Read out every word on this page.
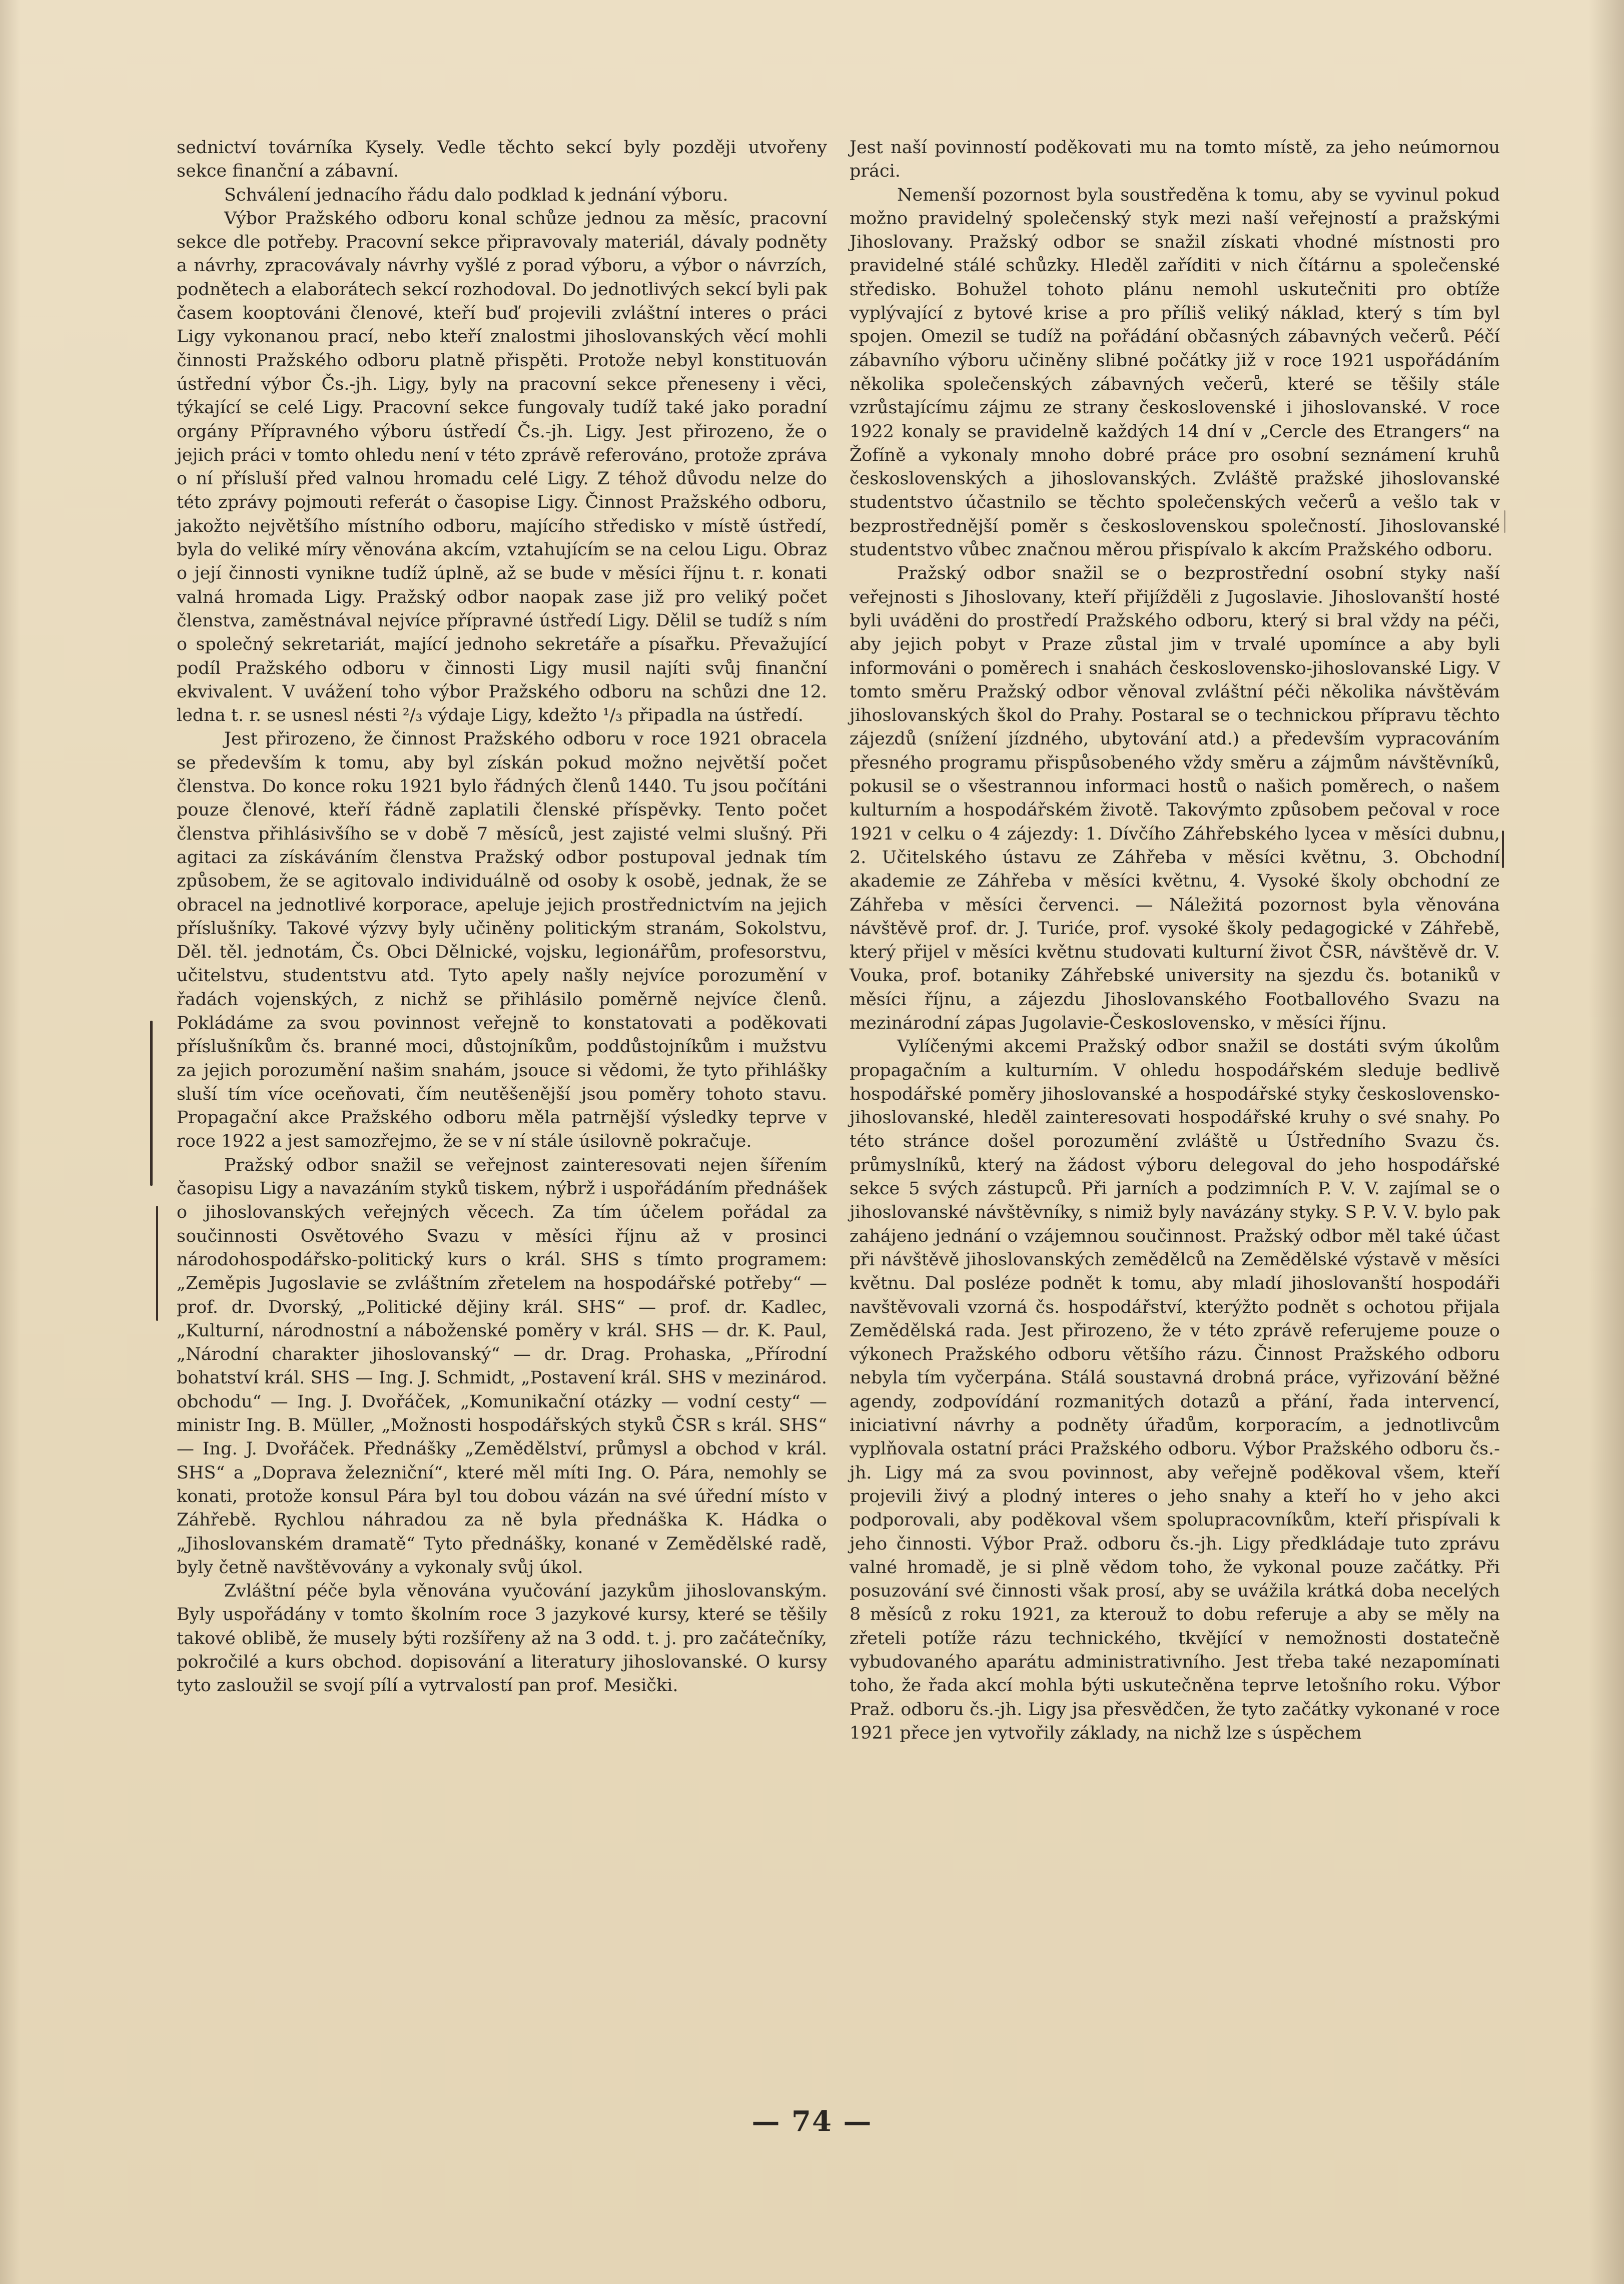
sednictví továrníka Kysely. Vedle těchto sekcí byly později utvořeny sekce finanční a zábavní.

Schválení jednacího řádu dalo podklad k jednání výboru.

Výbor Pražského odboru konal schůze jednou za měsíc, pracovní sekce dle potřeby. Pracovní sekce připravovaly materiál, dávaly podněty a návrhy, zpracovávaly návrhy vyšlé z porad výboru, a výbor o návrzích, podnětech a elaborátech sekcí rozhodoval. Do jednotlivých sekcí byli pak časem kooptováni členové, kteří buď projevili zvláštní interes o práci Ligy vykonanou prací, nebo kteří znalostmi jihoslovanských věcí mohli činnosti Pražského odboru platně přispěti. Protože nebyl konstituován ústřední výbor Čs.-jh. Ligy, byly na pracovní sekce přeneseny i věci, týkající se celé Ligy. Pracovní sekce fungovaly tudíž také jako poradní orgány Přípravného výboru ústředí Čs.-jh. Ligy. Jest přirozeno, že o jejich práci v tomto ohledu není v této zprávě referováno, protože zpráva o ní přísluší před valnou hromadu celé Ligy. Z téhož důvodu nelze do této zprávy pojmouti referát o časopise Ligy. Činnost Pražského odboru, jakožto největšího místního odboru, majícího středisko v místě ústředí, byla do veliké míry věnována akcím, vztahujícím se na celou Ligu. Obraz o její činnosti vynikne tudíž úplně, až se bude v měsíci říjnu t. r. konati valná hromada Ligy. Pražský odbor naopak zase již pro veliký počet členstva, zaměstnával nejvíce přípravné ústředí Ligy. Dělil se tudíž s ním o společný sekretariát, mající jednoho sekretáře a písařku. Převažující podíl Pražského odboru v činnosti Ligy musil najíti svůj finanční ekvivalent. V uvážení toho výbor Pražského odboru na schůzi dne 12. ledna t. r. se usnesl nésti ²/₃ výdaje Ligy, kdežto ¹/₃ připadla na ústředí.

Jest přirozeno, že činnost Pražského odboru v roce 1921 obracela se především k tomu, aby byl získán pokud možno největší počet členstva. Do konce roku 1921 bylo řádných členů 1440. Tu jsou počítáni pouze členové, kteří řádně zaplatili členské příspěvky. Tento počet členstva přihlásivšího se v době 7 měsíců, jest zajisté velmi slušný. Při agitaci za získáváním členstva Pražský odbor postupoval jednak tím způsobem, že se agitovalo individuálně od osoby k osobě, jednak, že se obracel na jednotlivé korporace, apeluje jejich prostřednictvím na jejich příslušníky. Takové výzvy byly učiněny politickým stranám, Sokolstvu, Děl. těl. jednotám, Čs. Obci Dělnické, vojsku, legionářům, profesorstvu, učitelstvu, studentstvu atd. Tyto apely našly nejvíce porozumění v řadách vojenských, z nichž se přihlásilo poměrně nejvíce členů. Pokládáme za svou povinnost veřejně to konstatovati a poděkovati příslušníkům čs. branné moci, důstojníkům, poddůstojníkům i mužstvu za jejich porozumění našim snahám, jsouce si vědomi, že tyto přihlášky sluší tím více oceňovati, čím neutěšenější jsou poměry tohoto stavu. Propagační akce Pražského odboru měla patrnější výsledky teprve v roce 1922 a jest samozřejmo, že se v ní stále úsilovně pokračuje.

Pražský odbor snažil se veřejnost zainteresovati nejen šířením časopisu Ligy a navazáním styků tiskem, nýbrž i uspořádáním přednášek o jihoslovanských veřejných věcech. Za tím účelem pořádal za součinnosti Osvětového Svazu v měsíci říjnu až v prosinci národohospodářsko-politický kurs o král. SHS s tímto programem: „Zeměpis Jugoslavie se zvláštním zřetelem na hospodářské potřeby“ — prof. dr. Dvorský, „Politické dějiny král. SHS“ — prof. dr. Kadlec, „Kulturní, národnostní a náboženské poměry v král. SHS — dr. K. Paul, „Národní charakter jihoslovanský“ — dr. Drag. Prohaska, „Přírodní bohatství král. SHS — Ing. J. Schmidt, „Postavení král. SHS v mezinárod. obchodu“ — Ing. J. Dvořáček, „Komunikační otázky — vodní cesty“ — ministr Ing. B. Müller, „Možnosti hospodářských styků ČSR s král. SHS“ — Ing. J. Dvořáček. Přednášky „Zemědělství, průmysl a obchod v král. SHS“ a „Doprava železniční“, které měl míti Ing. O. Pára, nemohly se konati, protože konsul Pára byl tou dobou vázán na své úřední místo v Záhřebě. Rychlou náhradou za ně byla přednáška K. Hádka o „Jihoslovanském dramatě“ Tyto přednášky, konané v Zemědělské radě, byly četně navštěvovány a vykonaly svůj úkol.

Zvláštní péče byla věnována vyučování jazykům jihoslovanským. Byly uspořádány v tomto školním roce 3 jazykové kursy, které se těšily takové oblibě, že musely býti rozšířeny až na 3 odd. t. j. pro začátečníky, pokročilé a kurs obchod. dopisování a literatury jihoslovanské. O kursy tyto zasloužil se svojí pílí a vytrvalostí pan prof. Mesički.

Jest naší povinností poděkovati mu na tomto místě, za jeho neúmornou práci.

Nemenší pozornost byla soustředěna k tomu, aby se vyvinul pokud možno pravidelný společenský styk mezi naší veřejností a pražskými Jihoslovany. Pražský odbor se snažil získati vhodné místnosti pro pravidelné stálé schůzky. Hleděl zaříditi v nich čítárnu a společenské středisko. Bohužel tohoto plánu nemohl uskutečniti pro obtíže vyplývající z bytové krise a pro příliš veliký náklad, který s tím byl spojen. Omezil se tudíž na pořádání občasných zábavných večerů. Péčí zábavního výboru učiněny slibné počátky již v roce 1921 uspořádáním několika společenských zábavných večerů, které se těšily stále vzrůstajícímu zájmu ze strany československé i jihoslovanské. V roce 1922 konaly se pravidelně každých 14 dní v „Cercle des Etrangers“ na Žofíně a vykonaly mnoho dobré práce pro osobní seznámení kruhů československých a jihoslovanských. Zvláště pražské jihoslovanské studentstvo účastnilo se těchto společenských večerů a vešlo tak v bezprostřednější poměr s československou společností. Jihoslovanské studentstvo vůbec značnou měrou přispívalo k akcím Pražského odboru.

Pražský odbor snažil se o bezprostřední osobní styky naší veřejnosti s Jihoslovany, kteří přijížděli z Jugoslavie. Jihoslovanští hosté byli uváděni do prostředí Pražského odboru, který si bral vždy na péči, aby jejich pobyt v Praze zůstal jim v trvalé upomínce a aby byli informováni o poměrech i snahách československo-jihoslovanské Ligy. V tomto směru Pražský odbor věnoval zvláštní péči několika návštěvám jihoslovanských škol do Prahy. Postaral se o technickou přípravu těchto zájezdů (snížení jízdného, ubytování atd.) a především vypracováním přesného programu přispůsobeného vždy směru a zájmům návštěvníků, pokusil se o všestrannou informaci hostů o našich poměrech, o našem kulturním a hospodářském životě. Takovýmto způsobem pečoval v roce 1921 v celku o 4 zájezdy: 1. Dívčího Záhřebského lycea v měsíci dubnu, 2. Učitelského ústavu ze Záhřeba v měsíci květnu, 3. Obchodní akademie ze Záhřeba v měsíci květnu, 4. Vysoké školy obchodní ze Záhřeba v měsíci červenci. — Náležitá pozornost byla věnována návštěvě prof. dr. J. Turiće, prof. vysoké školy pedagogické v Záhřebě, který přijel v měsíci květnu studovati kulturní život ČSR, návštěvě dr. V. Vouka, prof. botaniky Záhřebské university na sjezdu čs. botaniků v měsíci říjnu, a zájezdu Jihoslovanského Footballového Svazu na mezinárodní zápas Jugolavie-Československo, v měsíci říjnu.

Vylíčenými akcemi Pražský odbor snažil se dostáti svým úkolům propagačním a kulturním. V ohledu hospodářském sleduje bedlivě hospodářské poměry jihoslovanské a hospodářské styky československo-jihoslovanské, hleděl zainteresovati hospodářské kruhy o své snahy. Po této stránce došel porozumění zvláště u Ústředního Svazu čs. průmyslníků, který na žádost výboru delegoval do jeho hospodářské sekce 5 svých zástupců. Při jarních a podzimních P. V. V. zajímal se o jihoslovanské návštěvníky, s nimiž byly navázány styky. S P. V. V. bylo pak zahájeno jednání o vzájemnou součinnost. Pražský odbor měl také účast při návštěvě jihoslovanských zemědělců na Zemědělské výstavě v měsíci květnu. Dal posléze podnět k tomu, aby mladí jihoslovanští hospodáři navštěvovali vzorná čs. hospodářství, kterýžto podnět s ochotou přijala Zemědělská rada. Jest přirozeno, že v této zprávě referujeme pouze o výkonech Pražského odboru většího rázu. Činnost Pražského odboru nebyla tím vyčerpána. Stálá soustavná drobná práce, vyřizování běžné agendy, zodpovídání rozmanitých dotazů a přání, řada intervencí, iniciativní návrhy a podněty úřadům, korporacím, a jednotlivcům vyplňovala ostatní práci Pražského odboru. Výbor Pražského odboru čs.-jh. Ligy má za svou povinnost, aby veřejně poděkoval všem, kteří projevili živý a plodný interes o jeho snahy a kteří ho v jeho akci podporovali, aby poděkoval všem spolupracovníkům, kteří přispívali k jeho činnosti. Výbor Praž. odboru čs.-jh. Ligy předkládaje tuto zprávu valné hromadě, je si plně vědom toho, že vykonal pouze začátky. Při posuzování své činnosti však prosí, aby se uvážila krátká doba necelých 8 měsíců z roku 1921, za kterouž to dobu referuje a aby se měly na zřeteli potíže rázu technického, tkvějící v nemožnosti dostatečně vybudovaného aparátu administrativního. Jest třeba také nezapomínati toho, že řada akcí mohla býti uskutečněna teprve letošního roku. Výbor Praž. odboru čs.-jh. Ligy jsa přesvědčen, že tyto začátky vykonané v roce 1921 přece jen vytvořily základy, na nichž lze s úspěchem

— 74 —
